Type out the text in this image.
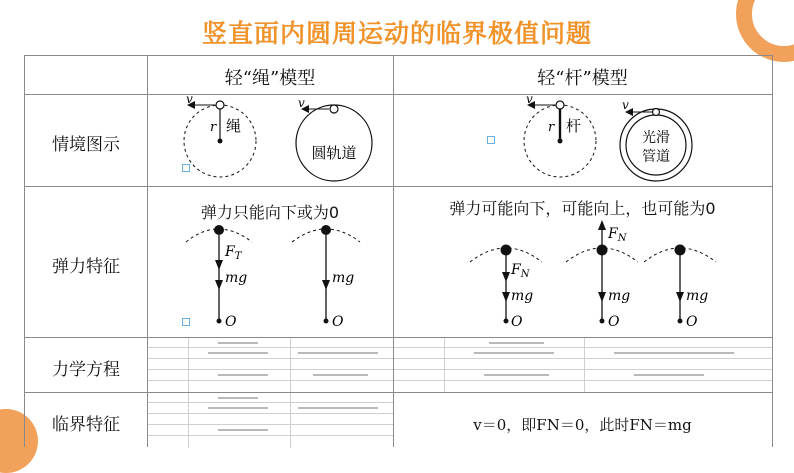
竖直面内圆周运动的临界极值问题
轻“绳”模型	轻“杆”模型
情境图示
弹力特征
力学方程
临界特征
v
r 绳
v
圆轨道
v
r 杆
v
光滑
管道
弹力只能向下或为0	弹力可能向下，可能向上，也可能为0
$F_T$
mg
O
mg
O
$F_N$
mg
O
$F_N$
mg
O
mg
O
v＝0，即FN＝0，此时FN＝mg
